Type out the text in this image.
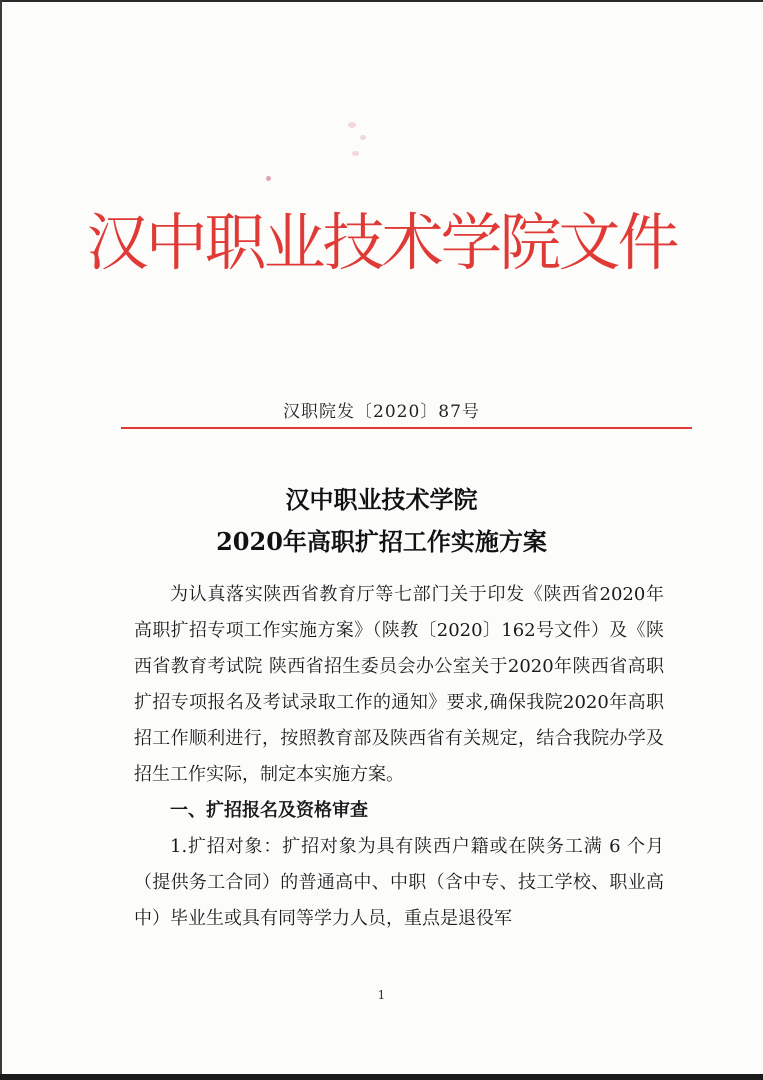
汉中职业技术学院文件
汉职院发〔2020〕87号
汉中职业技术学院
2020年高职扩招工作实施方案

为认真落实陕西省教育厅等七部门关于印发《陕西省2020年高职扩招专项工作实施方案》（陕教〔2020〕162号文件）及《陕西省教育考试院 陕西省招生委员会办公室关于2020年陕西省高职扩招专项报名及考试录取工作的通知》要求,确保我院2020年高职招工作顺利进行，按照教育部及陕西省有关规定，结合我院办学及招生工作实际，制定本实施方案。

一、扩招报名及资格审查

1.扩招对象：扩招对象为具有陕西户籍或在陕务工满 6 个月（提供务工合同）的普通高中、中职（含中专、技工学校、职业高中）毕业生或具有同等学力人员，重点是退役军

1
